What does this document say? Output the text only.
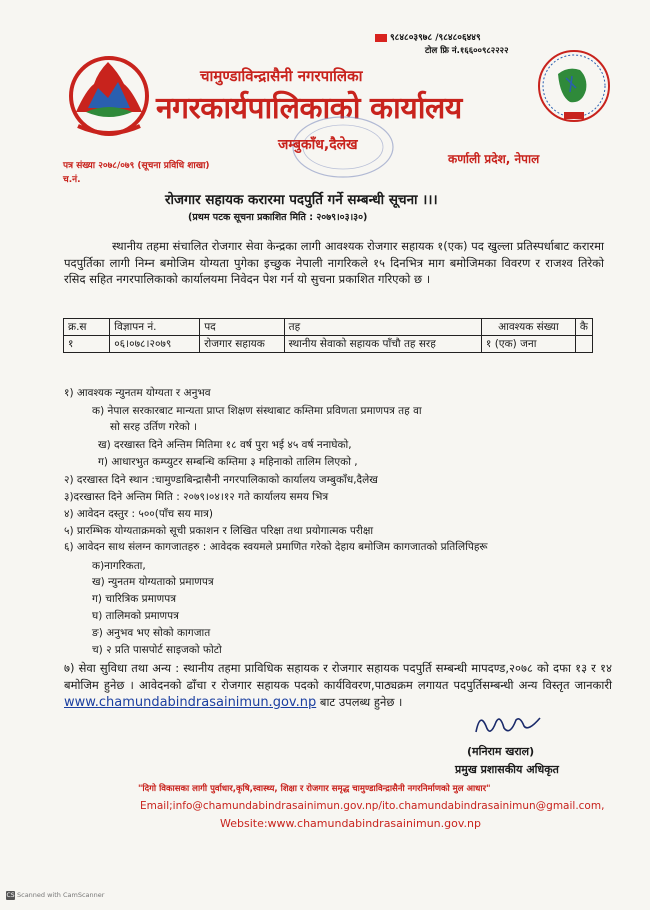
९८४८०३९७८ /९८४८०६४४९
टोल फ्रि नं.१६६००९८२२२२
चामुण्डाविन्द्रासैनी नगरपालिका
नगरकार्यपालिकाको कार्यालय
जम्बुकाँध,दैलेख
कर्णाली प्रदेश, नेपाल
पत्र संख्या २०७८/०७९ (सूचना प्रविधि शाखा)
च.नं.
रोजगार सहायक करारमा पदपुर्ति गर्ने सम्बन्धी सूचना ।।।
(प्रथम पटक सूचना प्रकाशित मिति : २०७९।०३।३०)
स्थानीय तहमा संचालित रोजगार सेवा केन्द्रका लागी आवश्यक रोजगार सहायक १(एक) पद खुल्ला प्रतिस्पर्धाबाट करारमा पदपुर्तिका लागी निम्न बमोजिम योग्यता पुगेका इच्छुक नेपाली नागरिकले १५ दिनभित्र माग बमोजिमका विवरण र राजश्व तिरेको रसिद सहित नगरपालिकाको कार्यालयमा निवेदन पेश गर्न यो सुचना प्रकाशित गरिएको छ ।
क्र.स	विज्ञापन नं.	पद	तह	आवश्यक संख्या	कै
१	०६।०७८।२०७९	रोजगार सहायक	स्थानीय सेवाको सहायक पाँचौ तह सरह	१ (एक) जना	
१) आवश्यक न्युनतम योग्यता र अनुभव
क) नेपाल सरकारबाट मान्यता प्राप्त शिक्षण संस्थाबाट कम्तिमा प्रविणता प्रमाणपत्र तह वा
सो सरह उर्तिण गरेको ।
ख) दरखास्त दिने अन्तिम मितिमा १८ वर्ष पुरा भई ४५ वर्ष ननाघेको,
ग) आधारभुत कम्प्युटर सम्बन्धि कम्तिमा ३ महिनाको तालिम लिएको ,
२) दरखास्त दिने स्थान :चामुण्डाबिन्द्रासैनी नगरपालिकाको कार्यालय जम्बुकाँध,दैलेख
३)दरखास्त दिने अन्तिम मिति : २०७९।०४।१२ गते कार्यालय समय भित्र
४) आवेदन दस्तुर : ५००(पाँच सय मात्र)
५) प्रारम्भिक योग्यताक्रमको सूची प्रकाशन र लिखित परिक्षा तथा प्रयोगात्मक परीक्षा
६) आवेदन साथ संलग्न कागजातहरु : आवेदक स्वयमले प्रमाणित गरेको देहाय बमोजिम कागजातको प्रतिलिपिहरू
क)नागरिकता,
ख) न्युनतम योग्यताको प्रमाणपत्र
ग) चारित्रिक प्रमाणपत्र
घ) तालिमको प्रमाणपत्र
ङ) अनुभव भए सोको कागजात
च) २ प्रति पासपोर्ट साइजको फोटो
७) सेवा सुविधा तथा अन्य : स्थानीय तहमा प्राविधिक सहायक र रोजगार सहायक पदपुर्ति सम्बन्धी मापदण्ड,२०७८ को दफा १३ र १४ बमोजिम हुनेछ । आवेदनको ढाँचा र रोजगार सहायक पदको कार्यविवरण,पाठ्यक्रम लगायत पदपुर्तिसम्बन्धी अन्य विस्तृत जानकारी www.chamundabindrasainimun.gov.np बाट उपलब्ध हुनेछ ।
(मनिराम खराल)
प्रमुख प्रशासकीय अधिकृत
"दिगो विकासका लागी पुर्वाधार,कृषि,स्वास्थ्य, शिक्षा र रोजगार समृद्ध चामुण्डाविन्द्रासैनी नगरनिर्माणको मुल आधार"
Email;info@chamundabindrasainimun.gov.np/ito.chamundabindrasainimun@gmail.com,
Website:www.chamundabindrasainimun.gov.np
CS Scanned with CamScanner
